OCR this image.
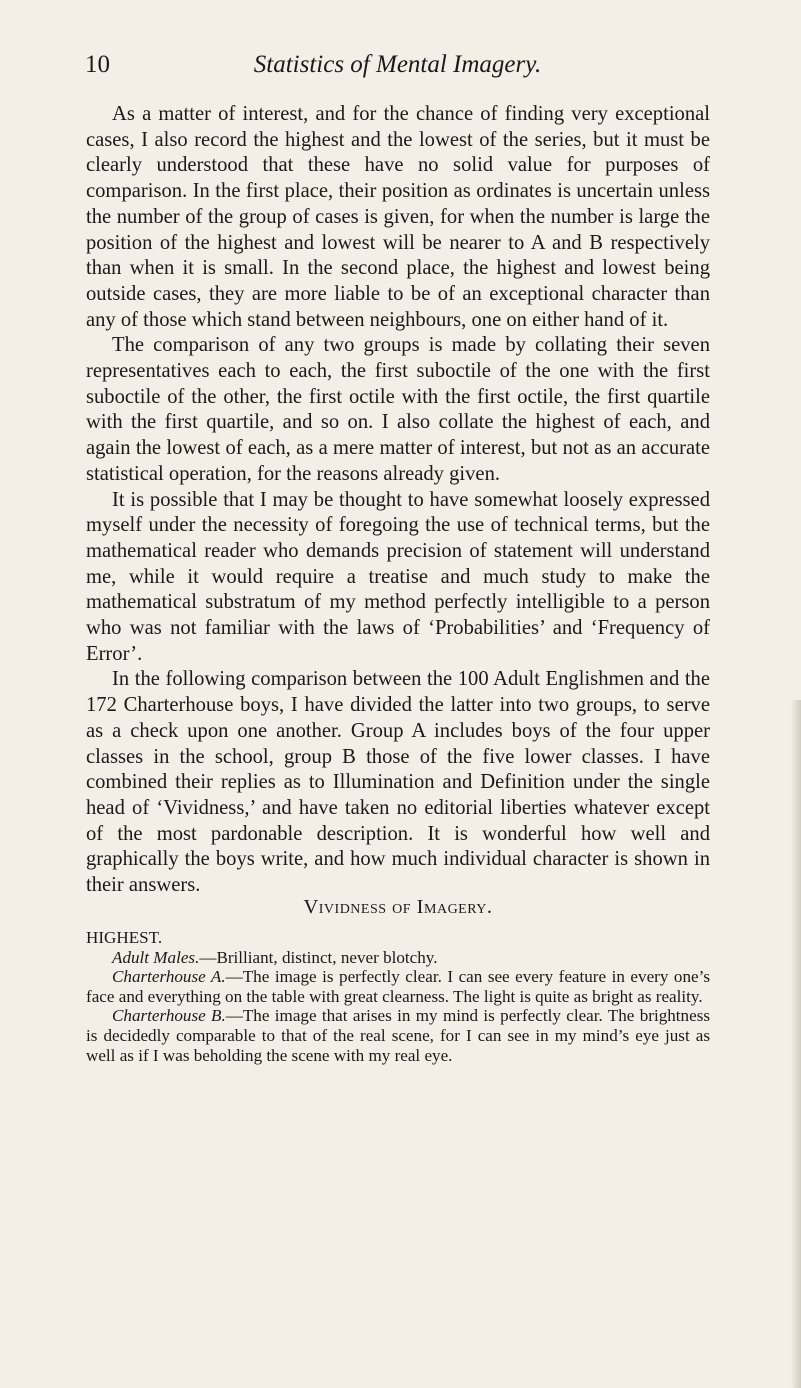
10	Statistics of Mental Imagery.

As a matter of interest, and for the chance of finding very exceptional cases, I also record the highest and the lowest of the series, but it must be clearly understood that these have no solid value for purposes of comparison. In the first place, their position as ordinates is uncertain unless the number of the group of cases is given, for when the number is large the position of the highest and lowest will be nearer to A and B respectively than when it is small. In the second place, the highest and lowest being outside cases, they are more liable to be of an exceptional character than any of those which stand between neighbours, one on either hand of it.

The comparison of any two groups is made by collating their seven representatives each to each, the first suboctile of the one with the first suboctile of the other, the first octile with the first octile, the first quartile with the first quartile, and so on. I also collate the highest of each, and again the lowest of each, as a mere matter of interest, but not as an accurate statistical operation, for the reasons already given.

It is possible that I may be thought to have somewhat loosely expressed myself under the necessity of foregoing the use of technical terms, but the mathematical reader who demands precision of statement will understand me, while it would require a treatise and much study to make the mathematical substratum of my method perfectly intelligible to a person who was not familiar with the laws of ‘Probabilities’ and ‘Frequency of Error’.

In the following comparison between the 100 Adult Englishmen and the 172 Charterhouse boys, I have divided the latter into two groups, to serve as a check upon one another. Group A includes boys of the four upper classes in the school, group B those of the five lower classes. I have combined their replies as to Illumination and Definition under the single head of ‘Vividness,’ and have taken no editorial liberties whatever except of the most pardonable description. It is wonderful how well and graphically the boys write, and how much individual character is shown in their answers.

Vividness of Imagery.

HIGHEST.

Adult Males.—Brilliant, distinct, never blotchy.

Charterhouse A.—The image is perfectly clear. I can see every feature in every one’s face and everything on the table with great clearness. The light is quite as bright as reality.

Charterhouse B.—The image that arises in my mind is perfectly clear. The brightness is decidedly comparable to that of the real scene, for I can see in my mind’s eye just as well as if I was beholding the scene with my real eye.
